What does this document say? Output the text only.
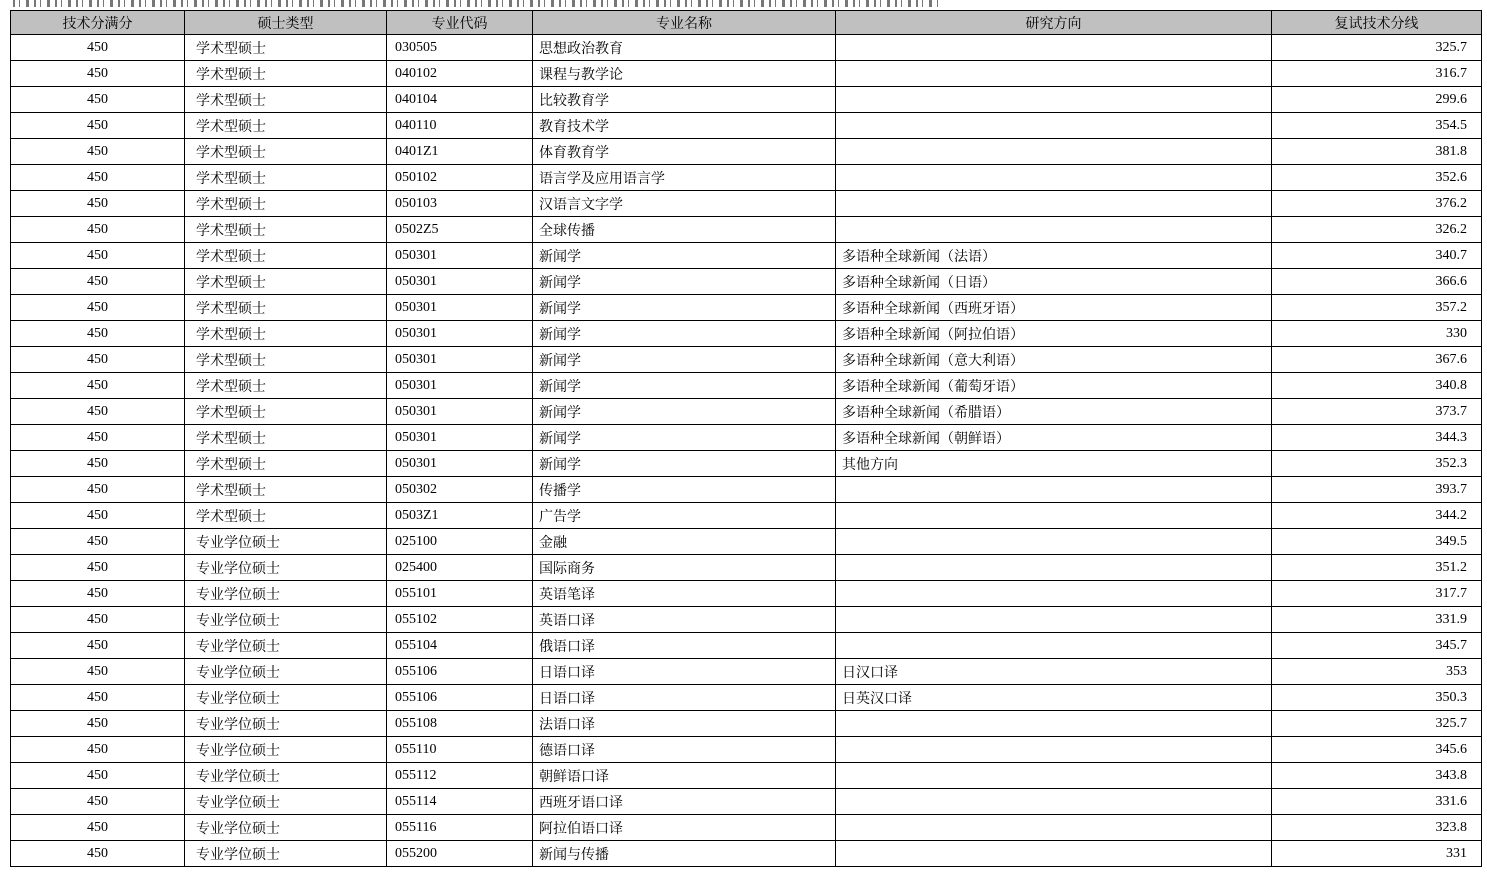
技术分满分	硕士类型	专业代码	专业名称	研究方向	复试技术分线
450	学术型硕士	030505	思想政治教育		325.7
450	学术型硕士	040102	课程与教学论		316.7
450	学术型硕士	040104	比较教育学		299.6
450	学术型硕士	040110	教育技术学		354.5
450	学术型硕士	0401Z1	体育教育学		381.8
450	学术型硕士	050102	语言学及应用语言学		352.6
450	学术型硕士	050103	汉语言文字学		376.2
450	学术型硕士	0502Z5	全球传播		326.2
450	学术型硕士	050301	新闻学	多语种全球新闻（法语）	340.7
450	学术型硕士	050301	新闻学	多语种全球新闻（日语）	366.6
450	学术型硕士	050301	新闻学	多语种全球新闻（西班牙语）	357.2
450	学术型硕士	050301	新闻学	多语种全球新闻（阿拉伯语）	330
450	学术型硕士	050301	新闻学	多语种全球新闻（意大利语）	367.6
450	学术型硕士	050301	新闻学	多语种全球新闻（葡萄牙语）	340.8
450	学术型硕士	050301	新闻学	多语种全球新闻（希腊语）	373.7
450	学术型硕士	050301	新闻学	多语种全球新闻（朝鲜语）	344.3
450	学术型硕士	050301	新闻学	其他方向	352.3
450	学术型硕士	050302	传播学		393.7
450	学术型硕士	0503Z1	广告学		344.2
450	专业学位硕士	025100	金融		349.5
450	专业学位硕士	025400	国际商务		351.2
450	专业学位硕士	055101	英语笔译		317.7
450	专业学位硕士	055102	英语口译		331.9
450	专业学位硕士	055104	俄语口译		345.7
450	专业学位硕士	055106	日语口译	日汉口译	353
450	专业学位硕士	055106	日语口译	日英汉口译	350.3
450	专业学位硕士	055108	法语口译		325.7
450	专业学位硕士	055110	德语口译		345.6
450	专业学位硕士	055112	朝鲜语口译		343.8
450	专业学位硕士	055114	西班牙语口译		331.6
450	专业学位硕士	055116	阿拉伯语口译		323.8
450	专业学位硕士	055200	新闻与传播		331
